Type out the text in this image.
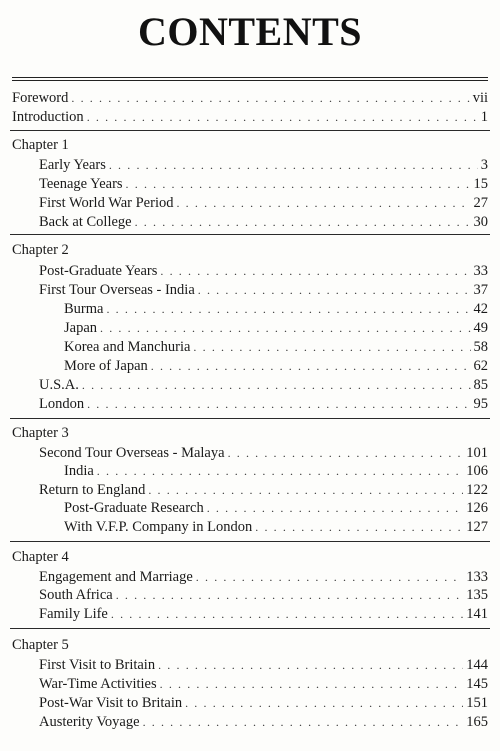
CONTENTS
Foreword . . .	vii
Introduction . . .	1
Chapter 1
Early Years . . .	3
Teenage Years . . .	15
First World War Period . . .	27
Back at College . . .	30
Chapter 2
Post-Graduate Years . . .	33
First Tour Overseas - India . . .	37
Burma . . .	42
Japan . . .	49
Korea and Manchuria . . .	58
More of Japan . . .	62
U.S.A. . . .	85
London . . .	95
Chapter 3
Second Tour Overseas - Malaya . . .	101
India . . .	106
Return to England . . .	122
Post-Graduate Research . . .	126
With V.F.P. Company in London . . .	127
Chapter 4
Engagement and Marriage . . .	133
South Africa . . .	135
Family Life . . .	141
Chapter 5
First Visit to Britain . . .	144
War-Time Activities . . .	145
Post-War Visit to Britain . . .	151
Austerity Voyage . . .	165
